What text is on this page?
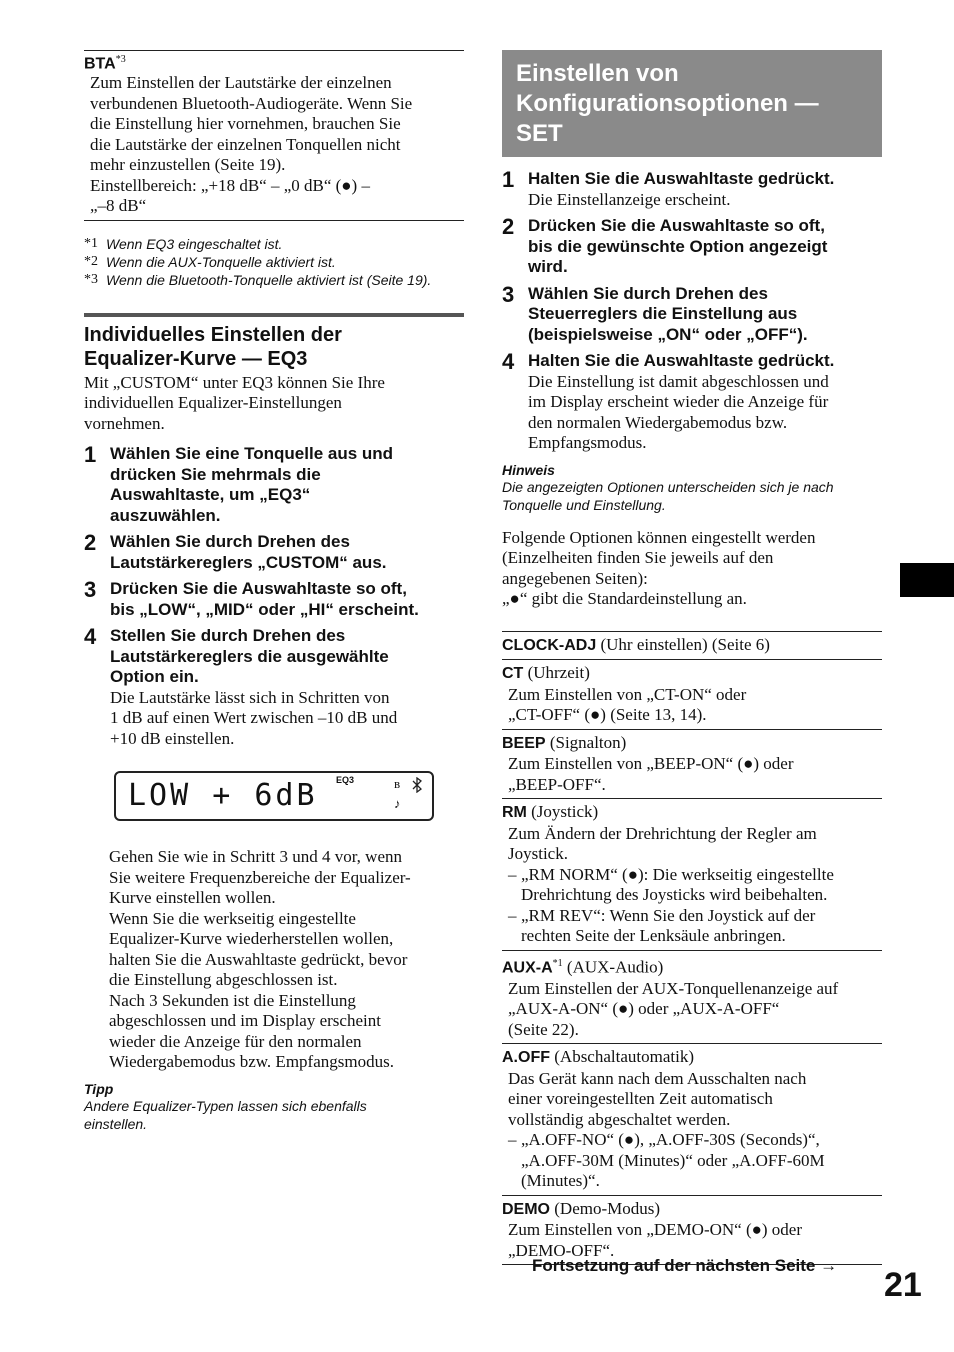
BTA$^{*3}$
Zum Einstellen der Lautstärke der einzelnen
verbundenen Bluetooth-Audiogeräte. Wenn Sie
die Einstellung hier vornehmen, brauchen Sie
die Lautstärke der einzelnen Tonquellen nicht
mehr einzustellen (Seite 19).
Einstellbereich: „+18 dB“ – „0 dB“ (●) –
„–8 dB“
*1 Wenn EQ3 eingeschaltet ist.
*2 Wenn die AUX-Tonquelle aktiviert ist.
*3 Wenn die Bluetooth-Tonquelle aktiviert ist (Seite 19).
Individuelles Einstellen der
Equalizer-Kurve — EQ3
Mit „CUSTOM“ unter EQ3 können Sie Ihre
individuellen Equalizer-Einstellungen
vornehmen.
1 Wählen Sie eine Tonquelle aus und
drücken Sie mehrmals die
Auswahltaste, um „EQ3“
auszuwählen.
2 Wählen Sie durch Drehen des
Lautstärkereglers „CUSTOM“ aus.
3 Drücken Sie die Auswahltaste so oft,
bis „LOW“, „MID“ oder „HI“ erscheint.
4 Stellen Sie durch Drehen des
Lautstärkereglers die ausgewählte
Option ein.
Die Lautstärke lässt sich in Schritten von
1 dB auf einen Wert zwischen –10 dB und
+10 dB einstellen.
LOW + 6dB EQ3	ʙ
♪
Gehen Sie wie in Schritt 3 und 4 vor, wenn
Sie weitere Frequenzbereiche der Equalizer-
Kurve einstellen wollen.
Wenn Sie die werkseitig eingestellte
Equalizer-Kurve wiederherstellen wollen,
halten Sie die Auswahltaste gedrückt, bevor
die Einstellung abgeschlossen ist.
Nach 3 Sekunden ist die Einstellung
abgeschlossen und im Display erscheint
wieder die Anzeige für den normalen
Wiedergabemodus bzw. Empfangsmodus.
Tipp
Andere Equalizer-Typen lassen sich ebenfalls
einstellen.
Einstellen von
Konfigurationsoptionen — SET
1 Halten Sie die Auswahltaste gedrückt.
Die Einstellanzeige erscheint.
2 Drücken Sie die Auswahltaste so oft,
bis die gewünschte Option angezeigt
wird.
3 Wählen Sie durch Drehen des
Steuerreglers die Einstellung aus
(beispielsweise „ON“ oder „OFF“).
4 Halten Sie die Auswahltaste gedrückt.
Die Einstellung ist damit abgeschlossen und
im Display erscheint wieder die Anzeige für
den normalen Wiedergabemodus bzw.
Empfangsmodus.
Hinweis
Die angezeigten Optionen unterscheiden sich je nach
Tonquelle und Einstellung.
Folgende Optionen können eingestellt werden
(Einzelheiten finden Sie jeweils auf den
angegebenen Seiten):
„●“ gibt die Standardeinstellung an.
CLOCK-ADJ (Uhr einstellen) (Seite 6)
CT (Uhrzeit)
Zum Einstellen von „CT-ON“ oder
„CT-OFF“ (●) (Seite 13, 14).
BEEP (Signalton)
Zum Einstellen von „BEEP-ON“ (●) oder
„BEEP-OFF“.
RM (Joystick)
Zum Ändern der Drehrichtung der Regler am
Joystick.
– „RM NORM“ (●): Die werkseitig eingestellte
Drehrichtung des Joysticks wird beibehalten.
– „RM REV“: Wenn Sie den Joystick auf der
rechten Seite der Lenksäule anbringen.
AUX-$A^{*1}$ (AUX-Audio)
Zum Einstellen der AUX-Tonquellenanzeige auf
„AUX-A-ON“ (●) oder „AUX-A-OFF“
(Seite 22).
A.OFF (Abschaltautomatik)
Das Gerät kann nach dem Ausschalten nach
einer voreingestellten Zeit automatisch
vollständig abgeschaltet werden.
– „A.OFF-NO“ (●), „A.OFF-30S (Seconds)“,
„A.OFF-30M (Minutes)“ oder „A.OFF-60M
(Minutes)“.
DEMO (Demo-Modus)
Zum Einstellen von „DEMO-ON“ (●) oder
„DEMO-OFF“.
Fortsetzung auf der nächsten Seite →
21
